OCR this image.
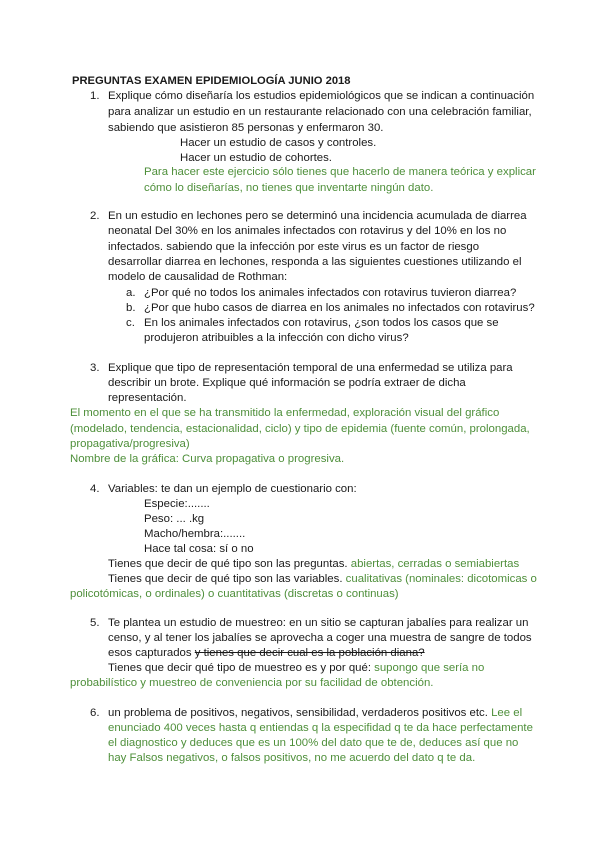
PREGUNTAS EXAMEN EPIDEMIOLOGÍA JUNIO 2018
1. Explique cómo diseñaría los estudios epidemiológicos que se indican a continuación
para analizar un estudio en un restaurante relacionado con una celebración familiar,
sabiendo que asistieron 85 personas y enfermaron 30.
Hacer un estudio de casos y controles.
Hacer un estudio de cohortes.
Para hacer este ejercicio sólo tienes que hacerlo de manera teórica y explicar
cómo lo diseñarías, no tienes que inventarte ningún dato.
2. En un estudio en lechones pero se determinó una incidencia acumulada de diarrea
neonatal Del 30% en los animales infectados con rotavirus y del 10% en los no
infectados. sabiendo que la infección por este virus es un factor de riesgo
desarrollar diarrea en lechones, responda a las siguientes cuestiones utilizando el
modelo de causalidad de Rothman:
a. ¿Por qué no todos los animales infectados con rotavirus tuvieron diarrea?
b. ¿Por que hubo casos de diarrea en los animales no infectados con rotavirus?
c. En los animales infectados con rotavirus, ¿son todos los casos que se
produjeron atribuibles a la infección con dicho virus?
3. Explique que tipo de representación temporal de una enfermedad se utiliza para
describir un brote. Explique qué información se podría extraer de dicha
representación.
El momento en el que se ha transmitido la enfermedad, exploración visual del gráfico
(modelado, tendencia, estacionalidad, ciclo) y tipo de epidemia (fuente común, prolongada,
propagativa/progresiva)
Nombre de la gráfica: Curva propagativa o progresiva.
4. Variables: te dan un ejemplo de cuestionario con:
Especie:.......
Peso: ... .kg
Macho/hembra:.......
Hace tal cosa: sí o no
Tienes que decir de qué tipo son las preguntas. abiertas, cerradas o semiabiertas
Tienes que decir de qué tipo son las variables. cualitativas (nominales: dicotomicas o
policotómicas, o ordinales) o cuantitativas (discretas o continuas)
5. Te plantea un estudio de muestreo: en un sitio se capturan jabalíes para realizar un
censo, y al tener los jabalíes se aprovecha a coger una muestra de sangre de todos
esos capturados y tienes que decir cual es la población diana?
Tienes que decir qué tipo de muestreo es y por qué: supongo que sería no
probabilístico y muestreo de conveniencia por su facilidad de obtención.
6. un problema de positivos, negativos, sensibilidad, verdaderos positivos etc. Lee el
enunciado 400 veces hasta q entiendas q la especifidad q te da hace perfectamente
el diagnostico y deduces que es un 100% del dato que te de, deduces así que no
hay Falsos negativos, o falsos positivos, no me acuerdo del dato q te da.
